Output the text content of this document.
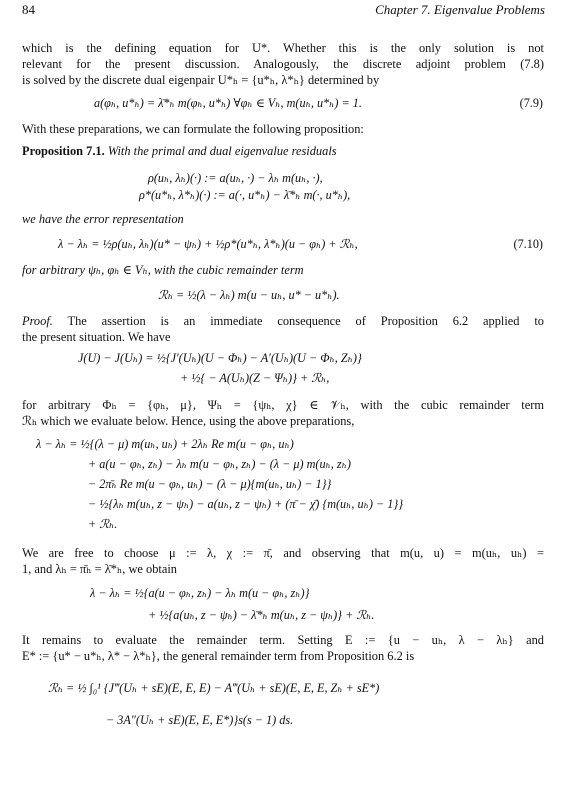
84	Chapter 7. Eigenvalue Problems
which is the defining equation for U*. Whether this is the only solution is not
relevant for the present discussion. Analogously, the discrete adjoint problem (7.8)
is solved by the discrete dual eigenpair U*ₕ = {u*ₕ, λ*ₕ} determined by
a(φₕ, u*ₕ) = λ̄*ₕ m(φₕ, u*ₕ) ∀φₕ ∈ Vₕ, m(uₕ, u*ₕ) = 1.	(7.9)
With these preparations, we can formulate the following proposition:
Proposition 7.1. With the primal and dual eigenvalue residuals
ρ(uₕ, λₕ)(·) := a(uₕ, ·) − λₕ m(uₕ, ·),
ρ*(u*ₕ, λ*ₕ)(·) := a(·, u*ₕ) − λ̄*ₕ m(·, u*ₕ),
we have the error representation
λ − λₕ = ½ρ(uₕ, λₕ)(u* − ψₕ) + ½ρ*(u*ₕ, λ*ₕ)(u − φₕ) + ℛₕ,	(7.10)
for arbitrary ψₕ, φₕ ∈ Vₕ, with the cubic remainder term
ℛₕ = ½(λ − λₕ) m(u − uₕ, u* − u*ₕ).
Proof. The assertion is an immediate consequence of Proposition 6.2 applied to
the present situation. We have
J(U) − J(Uₕ) = ½{J′(Uₕ)(U − Φₕ) − A′(Uₕ)(U − Φₕ, Zₕ)}
+ ½{ − A(Uₕ)(Z − Ψₕ)} + ℛₕ,
for arbitrary Φₕ = {φₕ, μ}, Ψₕ = {ψₕ, χ} ∈ 𝒱ₕ, with the cubic remainder term
ℛₕ which we evaluate below. Hence, using the above preparations,
λ − λₕ = ½{(λ − μ) m(uₕ, uₕ) + 2λₕ Re m(u − φₕ, uₕ)
+ a(u − φₕ, zₕ) − λₕ m(u − φₕ, zₕ) − (λ − μ) m(uₕ, zₕ)
− 2π̄ₕ Re m(u − φₕ, uₕ) − (λ − μ){m(uₕ, uₕ) − 1}}
− ½{λₕ m(uₕ, z − ψₕ) − a(uₕ, z − ψₕ) + (π̄ − χ̄) {m(uₕ, uₕ) − 1}}
+ ℛₕ.
We are free to choose μ := λ, χ := π̄, and observing that m(u, u) = m(uₕ, uₕ) =
1, and λₕ = π̄ₕ = λ̄*ₕ, we obtain
λ − λₕ = ½{a(u − φₕ, zₕ) − λₕ m(u − φₕ, zₕ)}
+ ½{a(uₕ, z − ψₕ) − λ̄*ₕ m(uₕ, z − ψₕ)} + ℛₕ.
It remains to evaluate the remainder term. Setting E := {u − uₕ, λ − λₕ} and
E* := {u* − u*ₕ, λ* − λ*ₕ}, the general remainder term from Proposition 6.2 is
ℛₕ = ½ ∫₀¹ {J‴(Uₕ + sE)(E, E, E) − A‴(Uₕ + sE)(E, E, E, Zₕ + sE*)
− 3A″(Uₕ + sE)(E, E, E*)}s(s − 1) ds.
